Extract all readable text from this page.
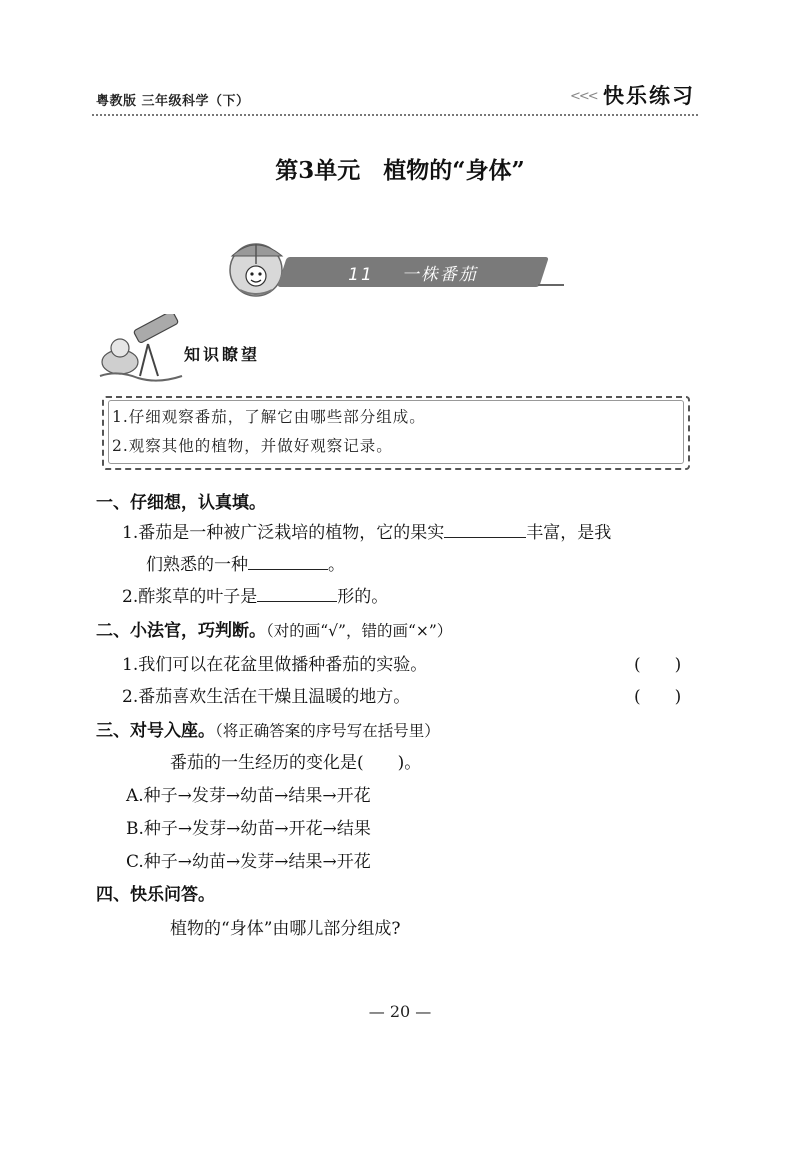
粤教版 三年级科学（下）	<<< 快乐练习
第3单元　植物的“身体”
11 一株番茄
知识瞭望
1.仔细观察番茄，了解它由哪些部分组成。
2.观察其他的植物，并做好观察记录。
一、仔细想，认真填。
1.番茄是一种被广泛栽培的植物，它的果实	丰富，是我
们熟悉的一种	。
2.酢浆草的叶子是	形的。
二、小法官，巧判断。（对的画“√”，错的画“×”）
1.我们可以在花盆里做播种番茄的实验。	(　　)
2.番茄喜欢生活在干燥且温暖的地方。	(　　)
三、对号入座。（将正确答案的序号写在括号里）
番茄的一生经历的变化是(　　)。
A.种子→发芽→幼苗→结果→开花
B.种子→发芽→幼苗→开花→结果
C.种子→幼苗→发芽→结果→开花
四、快乐问答。
植物的“身体”由哪儿部分组成?
— 20 —
